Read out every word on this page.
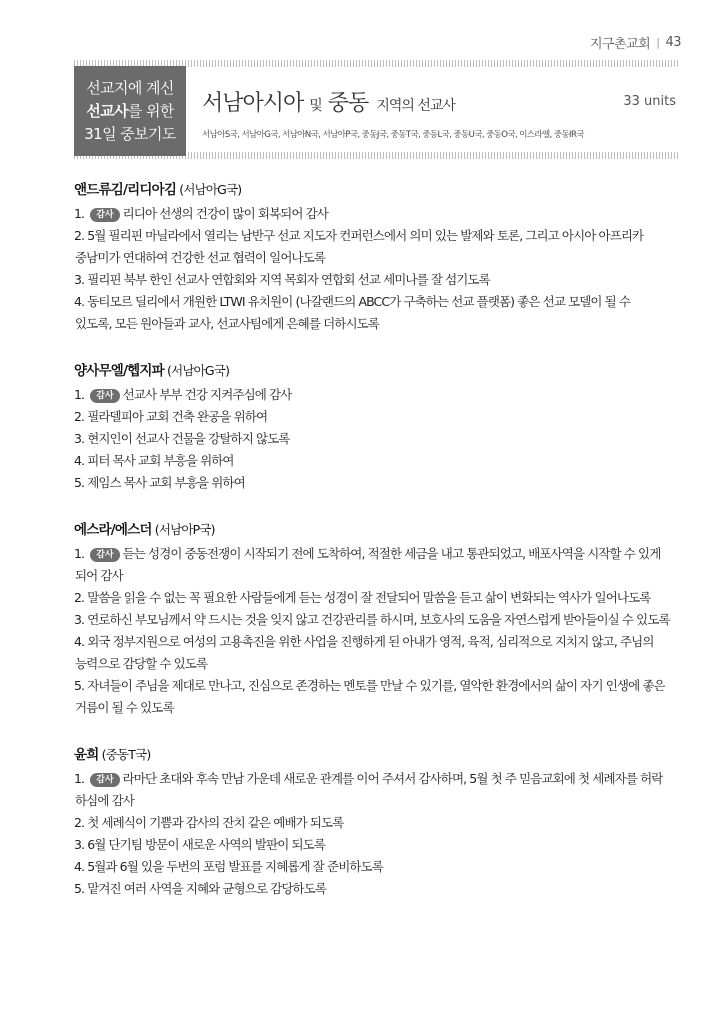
지구촌교회 | 43
선교지에 계신
선교사를 위한
31일 중보기도
서남아시아 및 중동 지역의 선교사	33 units
서남아S국, 서남아G국, 서남아N국, 서남아P국, 중동J국, 중동T국, 중동L국, 중동U국, 중동O국, 이스라엘, 중동IR국
앤드류김/리디아김 (서남아G국)
1. 감사 리디아 선생의 건강이 많이 회복되어 감사
2. 5월 필리핀 마닐라에서 열리는 남반구 선교 지도자 컨퍼런스에서 의미 있는 발제와 토론, 그리고 아시아 아프리카
중남미가 연대하여 건강한 선교 협력이 일어나도록
3. 필리핀 북부 한인 선교사 연합회와 지역 목회자 연합회 선교 세미나를 잘 섬기도록
4. 동티모르 딜리에서 개원한 LTWI 유치원이 (나갈랜드의 ABCC가 구축하는 선교 플랫폼) 좋은 선교 모델이 될 수
있도록, 모든 원아들과 교사, 선교사팀에게 은혜를 더하시도록
양사무엘/헵지파 (서남아G국)
1. 감사 선교사 부부 건강 지켜주심에 감사
2. 필라델피아 교회 건축 완공을 위하여
3. 현지인이 선교사 건물을 강탈하지 않도록
4. 피터 목사 교회 부흥을 위하여
5. 제임스 목사 교회 부흥을 위하여
에스라/에스더 (서남아P국)
1. 감사 듣는 성경이 중동전쟁이 시작되기 전에 도착하여, 적절한 세금을 내고 통관되었고, 배포사역을 시작할 수 있게
되어 감사
2. 말씀을 읽을 수 없는 꼭 필요한 사람들에게 듣는 성경이 잘 전달되어 말씀을 듣고 삶이 변화되는 역사가 일어나도록
3. 연로하신 부모님께서 약 드시는 것을 잊지 않고 건강관리를 하시며, 보호사의 도움을 자연스럽게 받아들이실 수 있도록
4. 외국 정부지원으로 여성의 고용촉진을 위한 사업을 진행하게 된 아내가 영적, 육적, 심리적으로 지치지 않고, 주님의
능력으로 감당할 수 있도록
5. 자녀들이 주님을 제대로 만나고, 진심으로 존경하는 멘토를 만날 수 있기를, 열악한 환경에서의 삶이 자기 인생에 좋은
거름이 될 수 있도록
윤희 (중동T국)
1. 감사 라마단 초대와 후속 만남 가운데 새로운 관계를 이어 주셔서 감사하며, 5월 첫 주 믿음교회에 첫 세례자를 허락
하심에 감사
2. 첫 세례식이 기쁨과 감사의 잔치 같은 예배가 되도록
3. 6월 단기팀 방문이 새로운 사역의 발판이 되도록
4. 5월과 6월 있을 두번의 포럼 발표를 지혜롭게 잘 준비하도록
5. 맡겨진 여러 사역을 지혜와 균형으로 감당하도록
